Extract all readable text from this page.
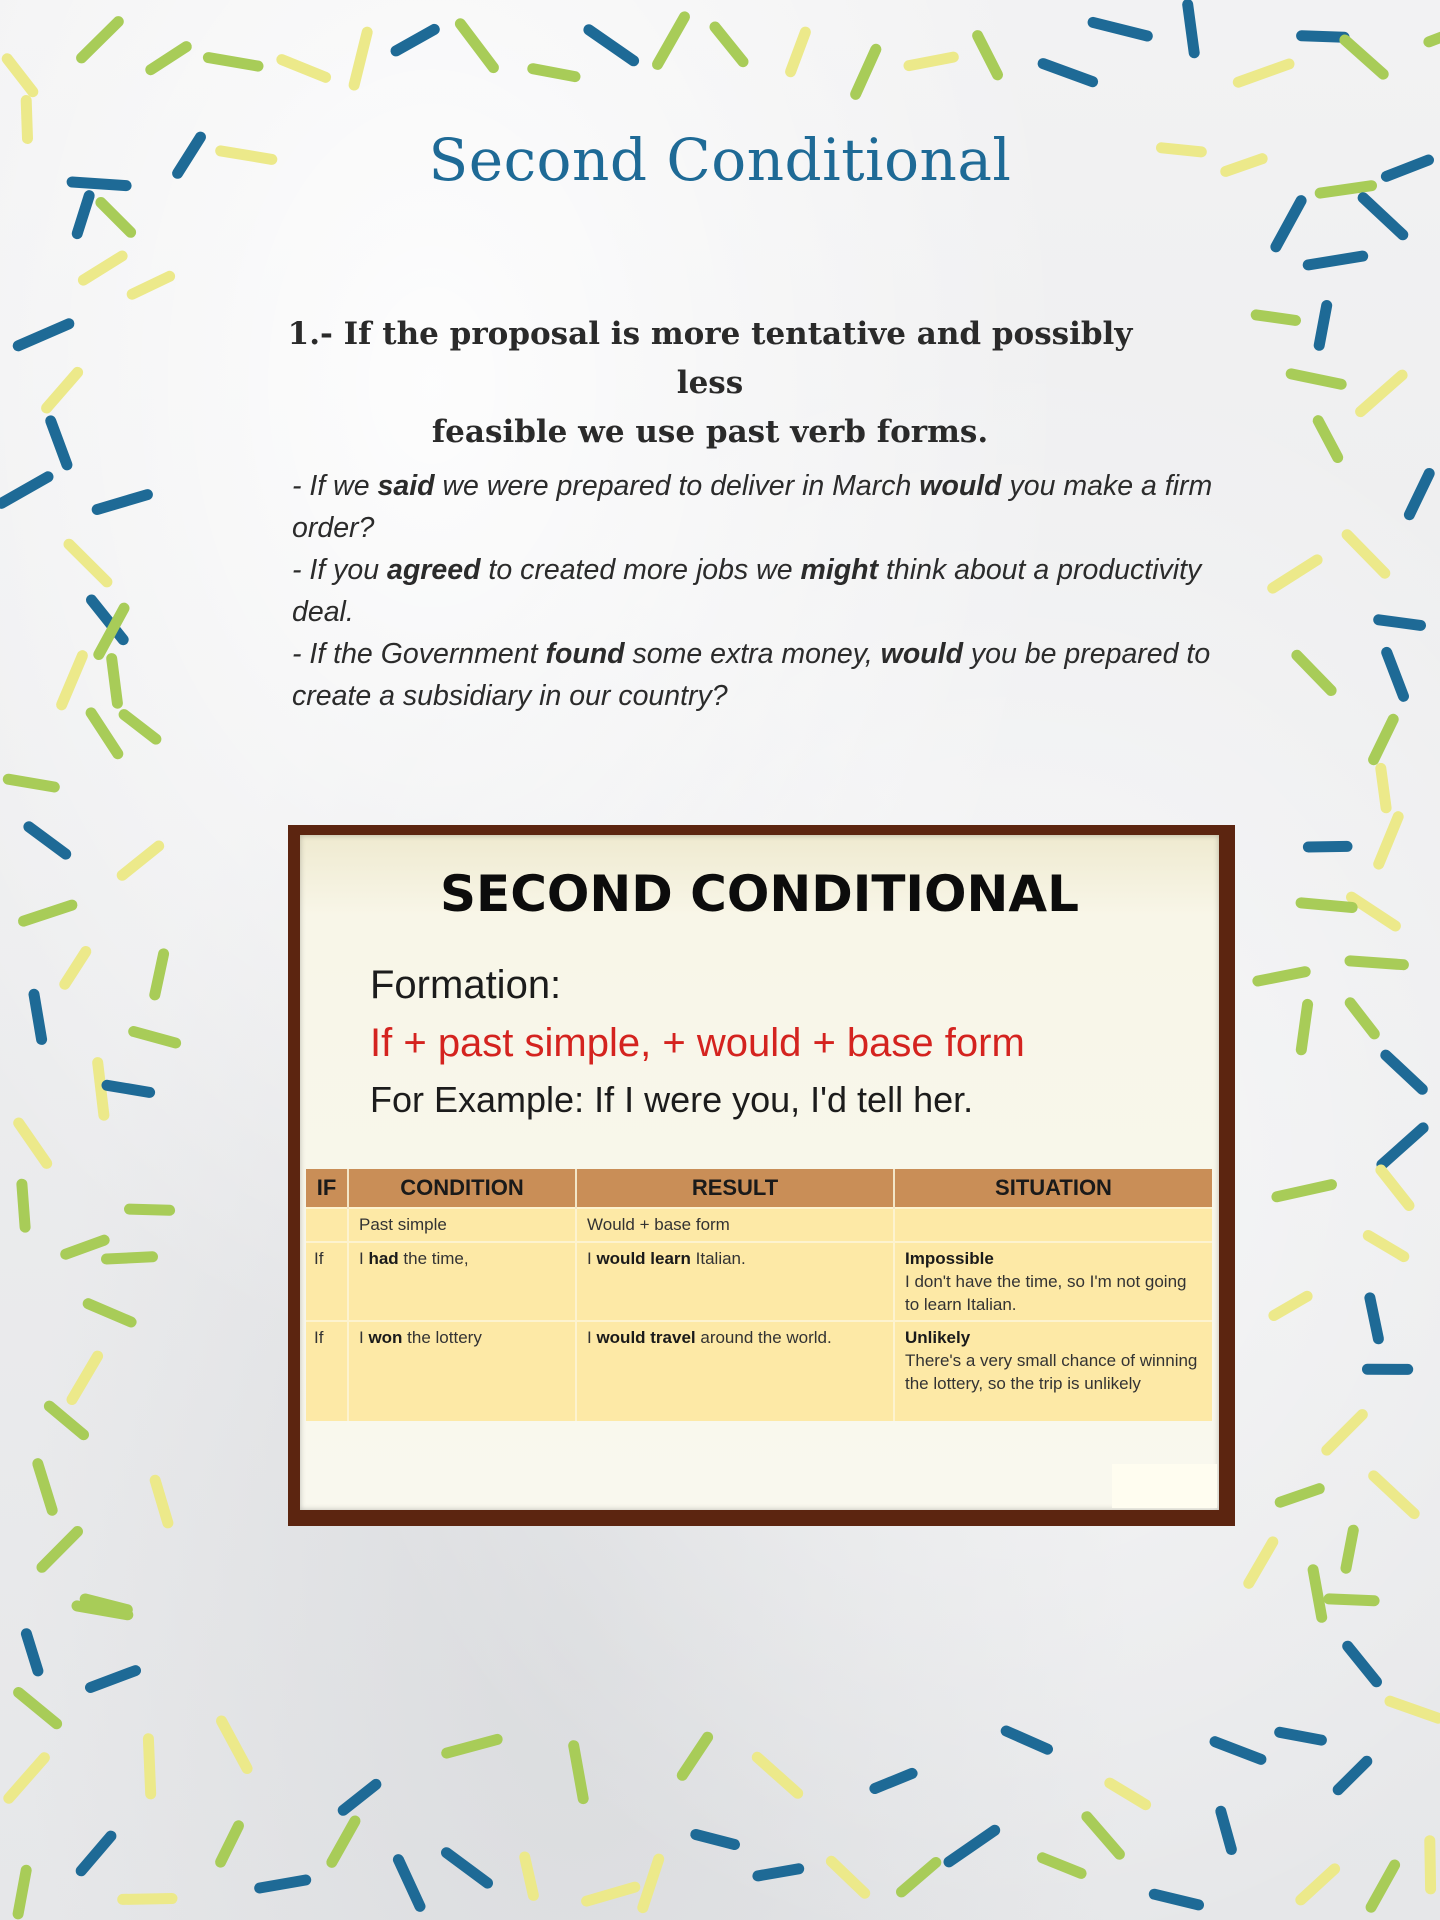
Second Conditional
1.- If the proposal is more tentative and possibly less
feasible we use past verb forms.

- If we said we were prepared to deliver in March would you make a firm order?

- If you agreed to created more jobs we might think about a productivity deal.

- If the Government found some extra money, would you be prepared to create a subsidiary in our country?

SECOND CONDITIONAL
Formation:
If + past simple, + would + base form
For Example: If I were you, I'd tell her.
IF	CONDITION	RESULT	SITUATION
	Past simple	Would + base form	
If	I had the time,	I would learn Italian.	Impossible
I don't have the time, so I'm not going to learn Italian.
If	I won the lottery	I would travel around the world.	Unlikely
There's a very small chance of winning the lottery, so the trip is unlikely
